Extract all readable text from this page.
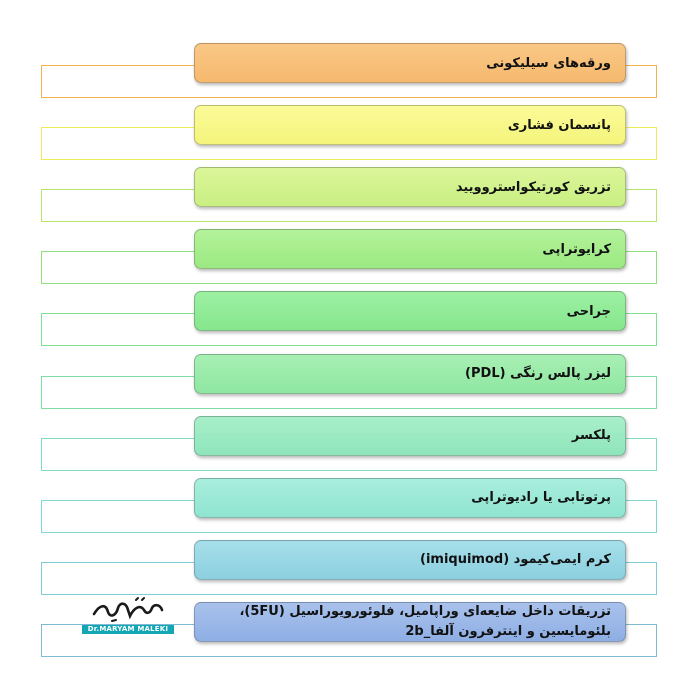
ورقه‌های سیلیکونی
پانسمان فشاری
تزریق کورتیکواستروویید
کرایوتراپی
جراحی
لیزر پالس رنگی (PDL)
پلکسر
پرتوتابی یا رادیوتراپی
کرم ایمی‌کیمود (imiquimod)
تزریقات داخل ضایعه‌ای وراپامیل، فلوئورویوراسیل (5FU)، بلئومایسین و اینترفرون آلفا_2b
Dr.MARYAM MALEKI
